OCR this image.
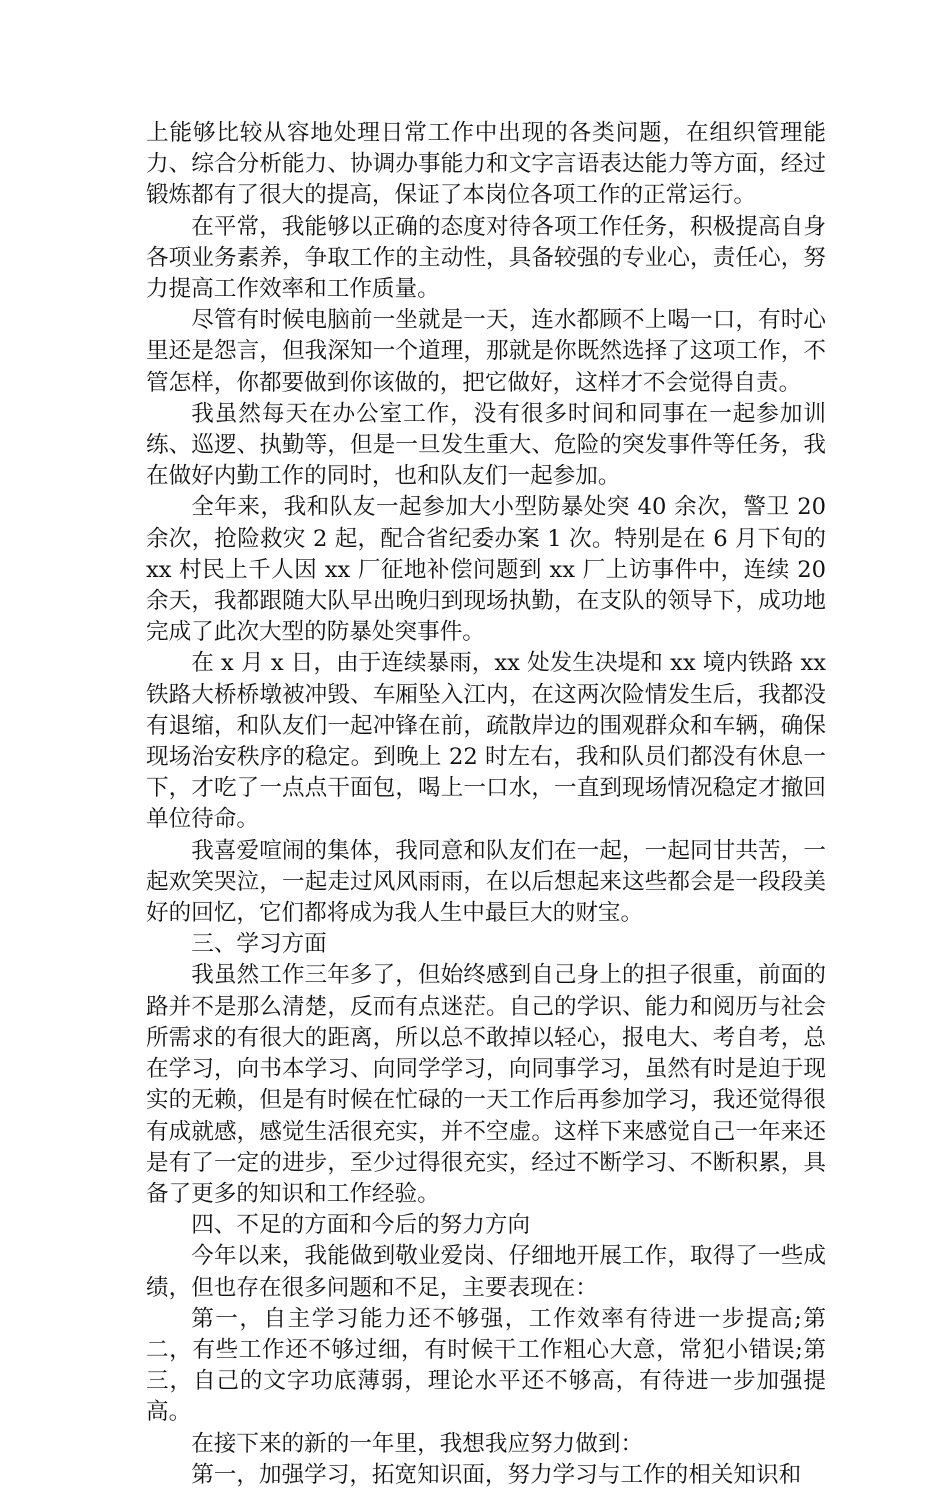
上能够比较从容地处理日常工作中出现的各类问题，在组织管理能力、综合分析能力、协调办事能力和文字言语表达能力等方面，经过锻炼都有了很大的提高，保证了本岗位各项工作的正常运行。

在平常，我能够以正确的态度对待各项工作任务，积极提高自身各项业务素养，争取工作的主动性，具备较强的专业心，责任心，努力提高工作效率和工作质量。

尽管有时候电脑前一坐就是一天，连水都顾不上喝一口，有时心里还是怨言，但我深知一个道理，那就是你既然选择了这项工作，不管怎样，你都要做到你该做的，把它做好，这样才不会觉得自责。

我虽然每天在办公室工作，没有很多时间和同事在一起参加训练、巡逻、执勤等，但是一旦发生重大、危险的突发事件等任务，我在做好内勤工作的同时，也和队友们一起参加。

全年来，我和队友一起参加大小型防暴处突 40 余次，警卫 20 余次，抢险救灾 2 起，配合省纪委办案 1 次。特别是在 6 月下旬的 xx 村民上千人因 xx 厂征地补偿问题到 xx 厂上访事件中，连续 20 余天，我都跟随大队早出晚归到现场执勤，在支队的领导下，成功地完成了此次大型的防暴处突事件。

在 x 月 x 日，由于连续暴雨，xx 处发生决堤和 xx 境内铁路 xx 铁路大桥桥墩被冲毁、车厢坠入江内，在这两次险情发生后，我都没有退缩，和队友们一起冲锋在前，疏散岸边的围观群众和车辆，确保现场治安秩序的稳定。到晚上 22 时左右，我和队员们都没有休息一下，才吃了一点点干面包，喝上一口水，一直到现场情况稳定才撤回单位待命。

我喜爱喧闹的集体，我同意和队友们在一起，一起同甘共苦，一起欢笑哭泣，一起走过风风雨雨，在以后想起来这些都会是一段段美好的回忆，它们都将成为我人生中最巨大的财宝。

三、学习方面

我虽然工作三年多了，但始终感到自己身上的担子很重，前面的路并不是那么清楚，反而有点迷茫。自己的学识、能力和阅历与社会所需求的有很大的距离，所以总不敢掉以轻心，报电大、考自考，总在学习，向书本学习、向同学学习，向同事学习，虽然有时是迫于现实的无赖，但是有时候在忙碌的一天工作后再参加学习，我还觉得很有成就感，感觉生活很充实，并不空虚。这样下来感觉自己一年来还是有了一定的进步，至少过得很充实，经过不断学习、不断积累，具备了更多的知识和工作经验。

四、不足的方面和今后的努力方向

今年以来，我能做到敬业爱岗、仔细地开展工作，取得了一些成绩，但也存在很多问题和不足，主要表现在：

第一，自主学习能力还不够强，工作效率有待进一步提高;第二，有些工作还不够过细，有时候干工作粗心大意，常犯小错误;第三，自己的文字功底薄弱，理论水平还不够高，有待进一步加强提高。

在接下来的新的一年里，我想我应努力做到：

第一，加强学习，拓宽知识面，努力学习与工作的相关知识和
